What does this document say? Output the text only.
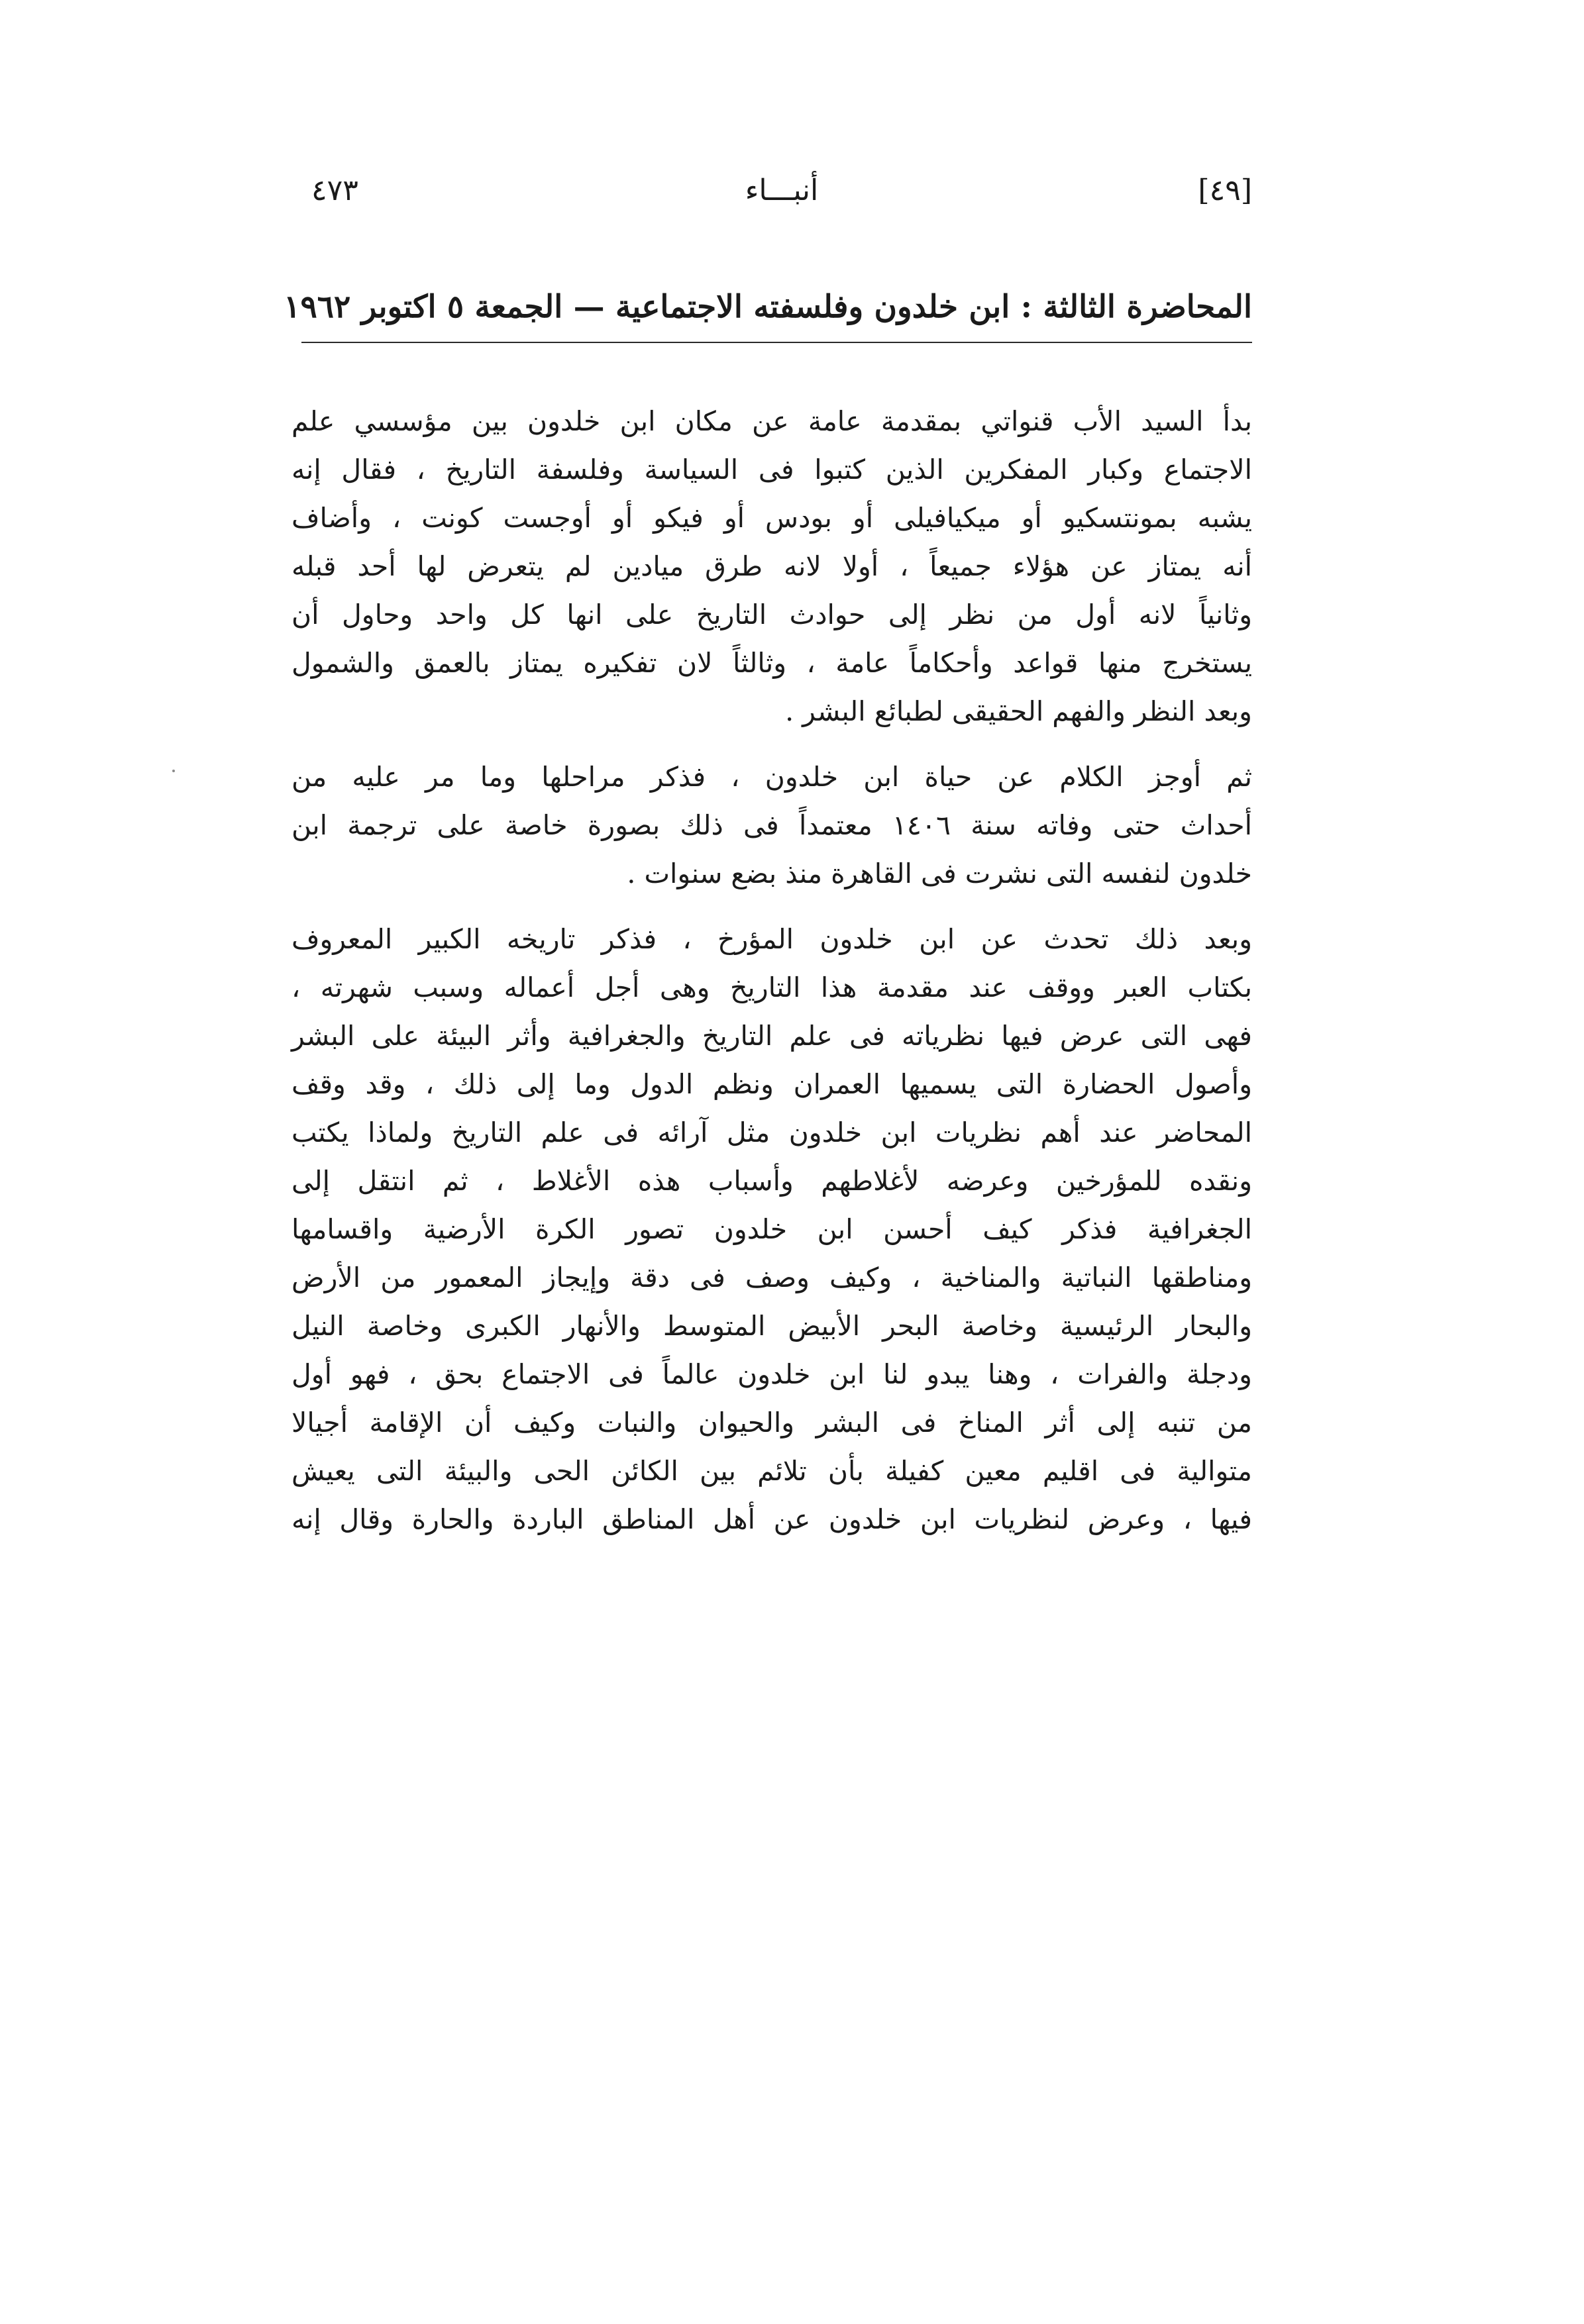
[٤٩]
أنبـــاء
٤٧٣
المحاضرة الثالثة : ابن خلدون وفلسفته الاجتماعية — الجمعة ٥ اكتوبر ١٩٦٢

بدأ السيد الأب قنواتي بمقدمة عامة عن مكان ابن خلدون بين مؤسسي علم
الاجتماع وكبار المفكرين الذين كتبوا فى السياسة وفلسفة التاريخ ، فقال إنه
يشبه بمونتسكيو أو ميكيافيلى أو بودس أو فيكو أو أوجست كونت ، وأضاف
أنه يمتاز عن هؤلاء جميعاً ، أولا لانه طرق ميادين لم يتعرض لها أحد قبله
وثانياً لانه أول من نظر إلى حوادث التاريخ على انها كل واحد وحاول أن
يستخرج منها قواعد وأحكاماً عامة ، وثالثاً لان تفكيره يمتاز بالعمق والشمول
وبعد النظر والفهم الحقيقى لطبائع البشر .

ثم أوجز الكلام عن حياة ابن خلدون ، فذكر مراحلها وما مر عليه من
أحداث حتى وفاته سنة ١٤٠٦ معتمداً فى ذلك بصورة خاصة على ترجمة ابن
خلدون لنفسه التى نشرت فى القاهرة منذ بضع سنوات .

وبعد ذلك تحدث عن ابن خلدون المؤرخ ، فذكر تاريخه الكبير المعروف
بكتاب العبر ووقف عند مقدمة هذا التاريخ وهى أجل أعماله وسبب شهرته ،
فهى التى عرض فيها نظرياته فى علم التاريخ والجغرافية وأثر البيئة على البشر
وأصول الحضارة التى يسميها العمران ونظم الدول وما إلى ذلك ، وقد وقف
المحاضر عند أهم نظريات ابن خلدون مثل آرائه فى علم التاريخ ولماذا يكتب
ونقده للمؤرخين وعرضه لأغلاطهم وأسباب هذه الأغلاط ، ثم انتقل إلى
الجغرافية فذكر كيف أحسن ابن خلدون تصور الكرة الأرضية واقسامها
ومناطقها النباتية والمناخية ، وكيف وصف فى دقة وإيجاز المعمور من الأرض
والبحار الرئيسية وخاصة البحر الأبيض المتوسط والأنهار الكبرى وخاصة النيل
ودجلة والفرات ، وهنا يبدو لنا ابن خلدون عالماً فى الاجتماع بحق ، فهو أول
من تنبه إلى أثر المناخ فى البشر والحيوان والنبات وكيف أن الإقامة أجيالا
متوالية فى اقليم معين كفيلة بأن تلائم بين الكائن الحى والبيئة التى يعيش
فيها ، وعرض لنظريات ابن خلدون عن أهل المناطق الباردة والحارة وقال إنه
